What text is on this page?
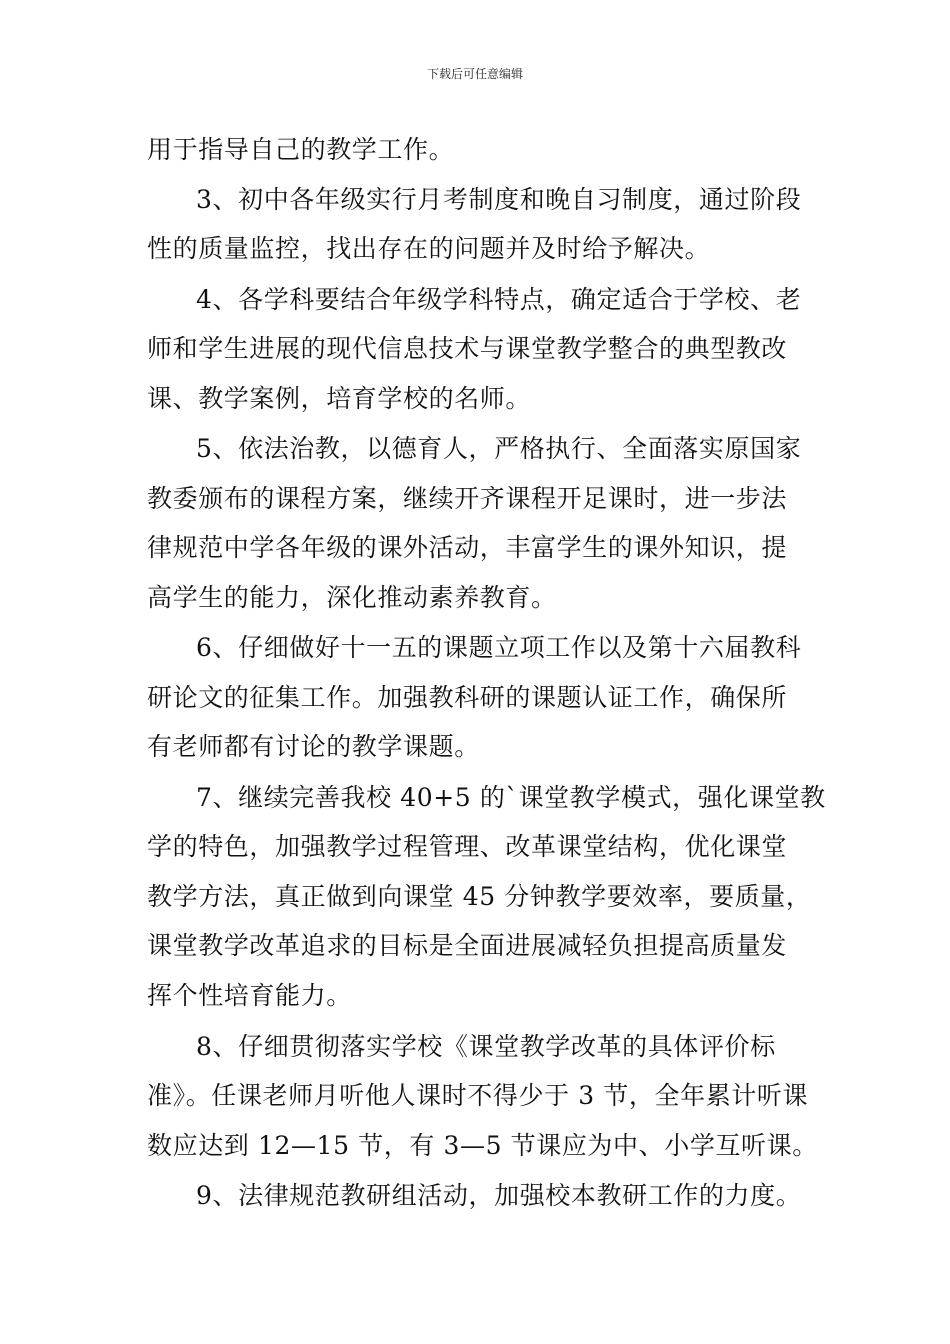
下载后可任意编辑
用于指导自己的教学工作。
3、初中各年级实行月考制度和晚自习制度，通过阶段
性的质量监控，找出存在的问题并及时给予解决。
4、各学科要结合年级学科特点，确定适合于学校、老
师和学生进展的现代信息技术与课堂教学整合的典型教改
课、教学案例，培育学校的名师。
5、依法治教，以德育人，严格执行、全面落实原国家
教委颁布的课程方案，继续开齐课程开足课时，进一步法
律规范中学各年级的课外活动，丰富学生的课外知识，提
高学生的能力，深化推动素养教育。
6、仔细做好十一五的课题立项工作以及第十六届教科
研论文的征集工作。加强教科研的课题认证工作，确保所
有老师都有讨论的教学课题。
7、继续完善我校 40+5 的`课堂教学模式，强化课堂教
学的特色，加强教学过程管理、改革课堂结构，优化课堂
教学方法，真正做到向课堂 45 分钟教学要效率，要质量，
课堂教学改革追求的目标是全面进展减轻负担提高质量发
挥个性培育能力。
8、仔细贯彻落实学校《课堂教学改革的具体评价标
准》。任课老师月听他人课时不得少于 3 节，全年累计听课
数应达到 12—15 节，有 3—5 节课应为中、小学互听课。
9、法律规范教研组活动，加强校本教研工作的力度。
